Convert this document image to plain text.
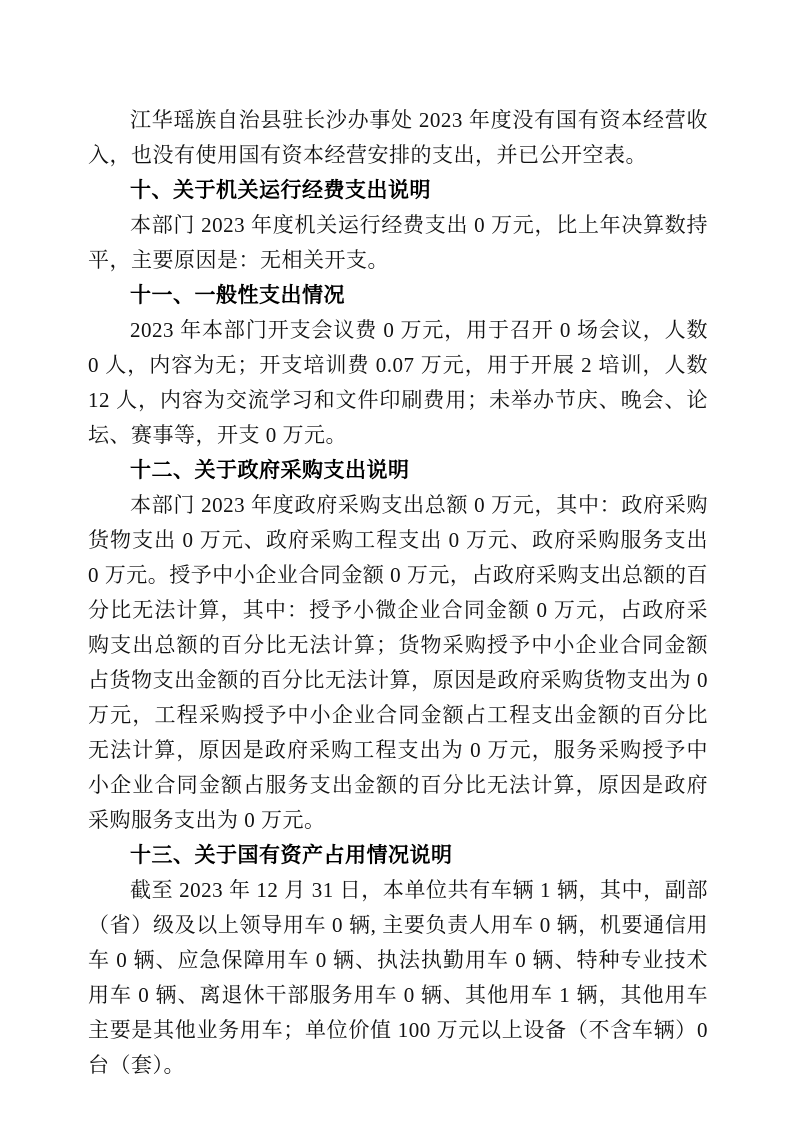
江华瑶族自治县驻长沙办事处 2023 年度没有国有资本经营收入，也没有使用国有资本经营安排的支出，并已公开空表。

十、关于机关运行经费支出说明

本部门 2023 年度机关运行经费支出 0 万元，比上年决算数持平，主要原因是：无相关开支。

十一、一般性支出情况

2023 年本部门开支会议费 0 万元，用于召开 0 场会议，人数 0 人，内容为无；开支培训费 0.07 万元，用于开展 2 培训，人数 12 人，内容为交流学习和文件印刷费用；未举办节庆、晚会、论坛、赛事等，开支 0 万元。

十二、关于政府采购支出说明

本部门 2023 年度政府采购支出总额 0 万元，其中：政府采购货物支出 0 万元、政府采购工程支出 0 万元、政府采购服务支出 0 万元。授予中小企业合同金额 0 万元，占政府采购支出总额的百分比无法计算，其中：授予小微企业合同金额 0 万元，占政府采购支出总额的百分比无法计算；货物采购授予中小企业合同金额占货物支出金额的百分比无法计算，原因是政府采购货物支出为 0 万元，工程采购授予中小企业合同金额占工程支出金额的百分比无法计算，原因是政府采购工程支出为 0 万元，服务采购授予中小企业合同金额占服务支出金额的百分比无法计算，原因是政府采购服务支出为 0 万元。

十三、关于国有资产占用情况说明

截至 2023 年 12 月 31 日，本单位共有车辆 1 辆，其中，副部（省）级及以上领导用车 0 辆, 主要负责人用车 0 辆，机要通信用车 0 辆、应急保障用车 0 辆、执法执勤用车 0 辆、特种专业技术用车 0 辆、离退休干部服务用车 0 辆、其他用车 1 辆，其他用车主要是其他业务用车；单位价值 100 万元以上设备（不含车辆）0 台（套）。
